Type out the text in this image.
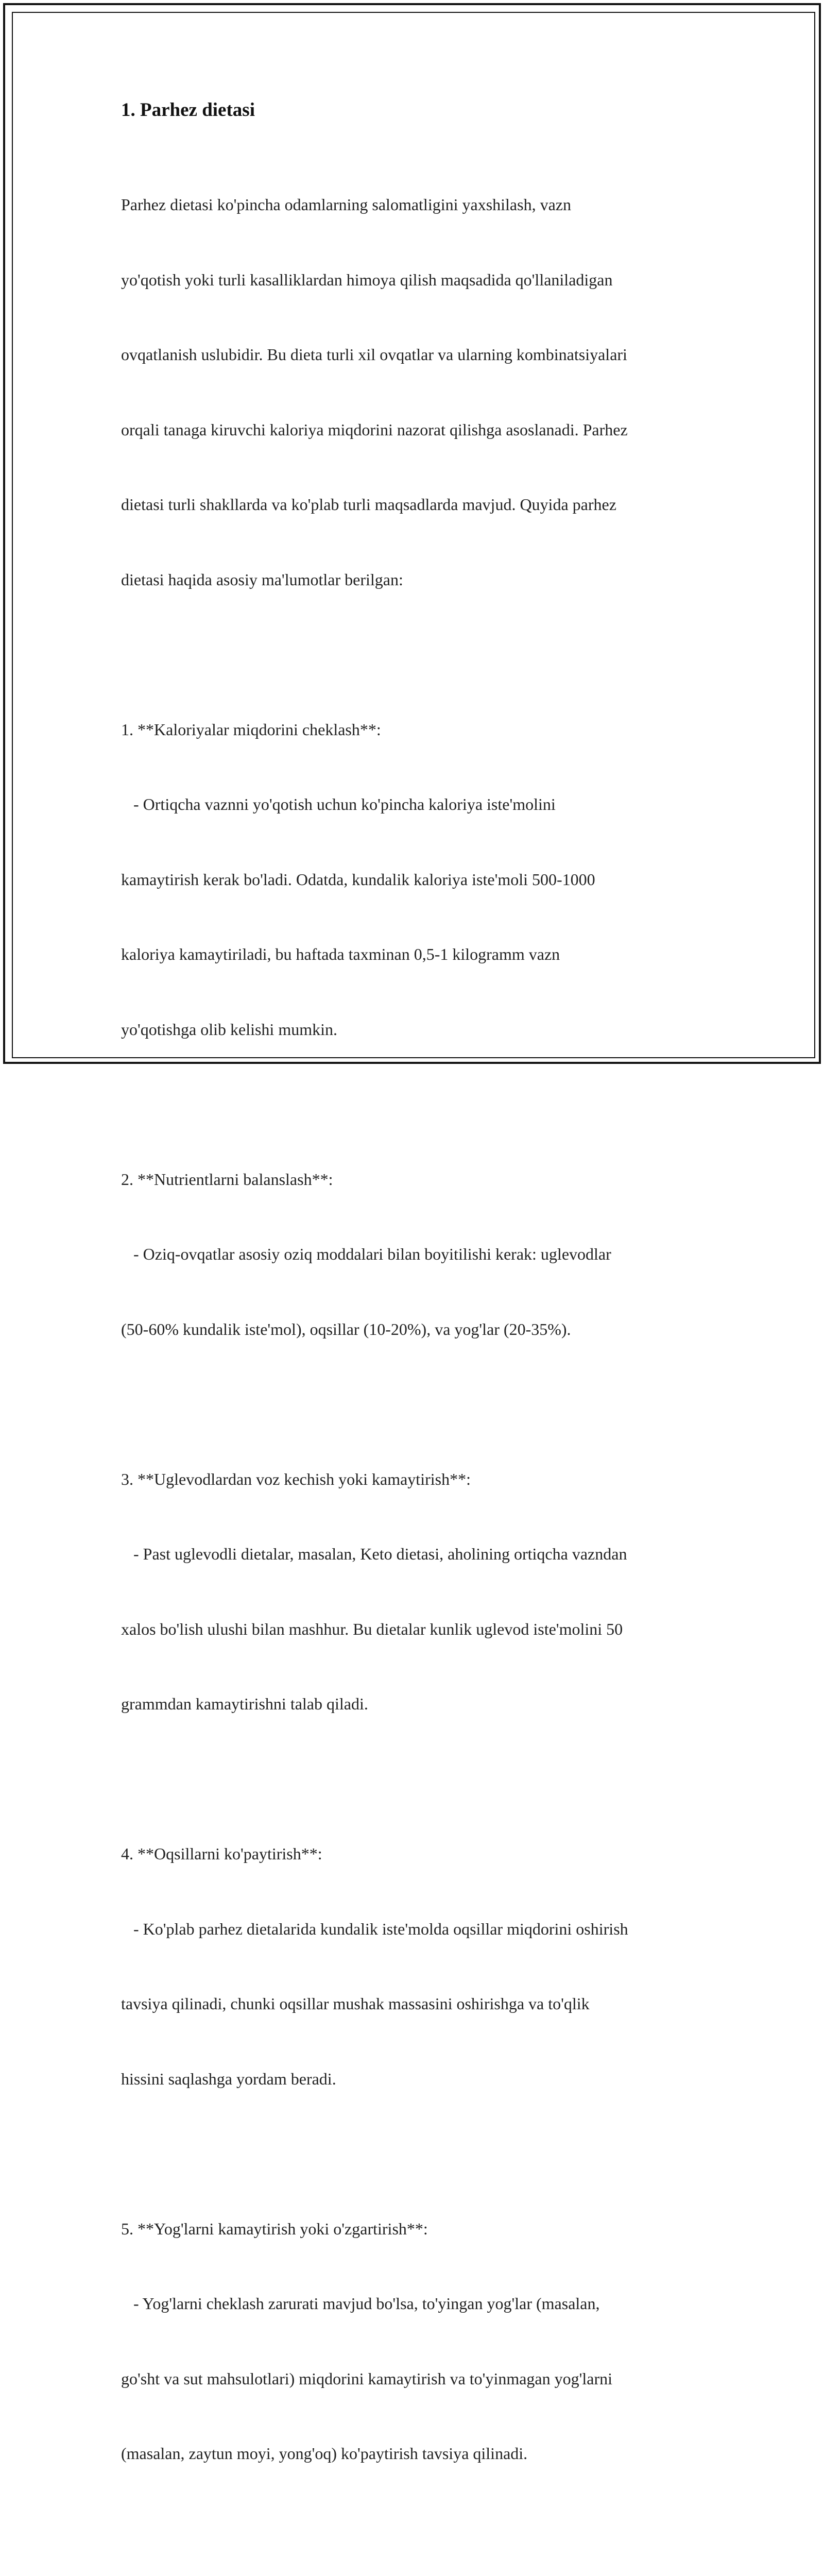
1. Parhez dietasi

Parhez dietasi ko'pincha odamlarning salomatligini yaxshilash, vazn

yo'qotish yoki turli kasalliklardan himoya qilish maqsadida qo'llaniladigan

ovqatlanish uslubidir. Bu dieta turli xil ovqatlar va ularning kombinatsiyalari

orqali tanaga kiruvchi kaloriya miqdorini nazorat qilishga asoslanadi. Parhez

dietasi turli shakllarda va ko'plab turli maqsadlarda mavjud. Quyida parhez

dietasi haqida asosiy ma'lumotlar berilgan:

1. **Kaloriyalar miqdorini cheklash**:

- Ortiqcha vaznni yo'qotish uchun ko'pincha kaloriya iste'molini

kamaytirish kerak bo'ladi. Odatda, kundalik kaloriya iste'moli 500-1000

kaloriya kamaytiriladi, bu haftada taxminan 0,5-1 kilogramm vazn

yo'qotishga olib kelishi mumkin.

2. **Nutrientlarni balanslash**:

- Oziq-ovqatlar asosiy oziq moddalari bilan boyitilishi kerak: uglevodlar

(50-60% kundalik iste'mol), oqsillar (10-20%), va yog'lar (20-35%).

3. **Uglevodlardan voz kechish yoki kamaytirish**:

- Past uglevodli dietalar, masalan, Keto dietasi, aholining ortiqcha vazndan

xalos bo'lish ulushi bilan mashhur. Bu dietalar kunlik uglevod iste'molini 50

grammdan kamaytirishni talab qiladi.

4. **Oqsillarni ko'paytirish**:

- Ko'plab parhez dietalarida kundalik iste'molda oqsillar miqdorini oshirish

tavsiya qilinadi, chunki oqsillar mushak massasini oshirishga va to'qlik

hissini saqlashga yordam beradi.

5. **Yog'larni kamaytirish yoki o'zgartirish**:

- Yog'larni cheklash zarurati mavjud bo'lsa, to'yingan yog'lar (masalan,

go'sht va sut mahsulotlari) miqdorini kamaytirish va to'yinmagan yog'larni

(masalan, zaytun moyi, yong'oq) ko'paytirish tavsiya qilinadi.
